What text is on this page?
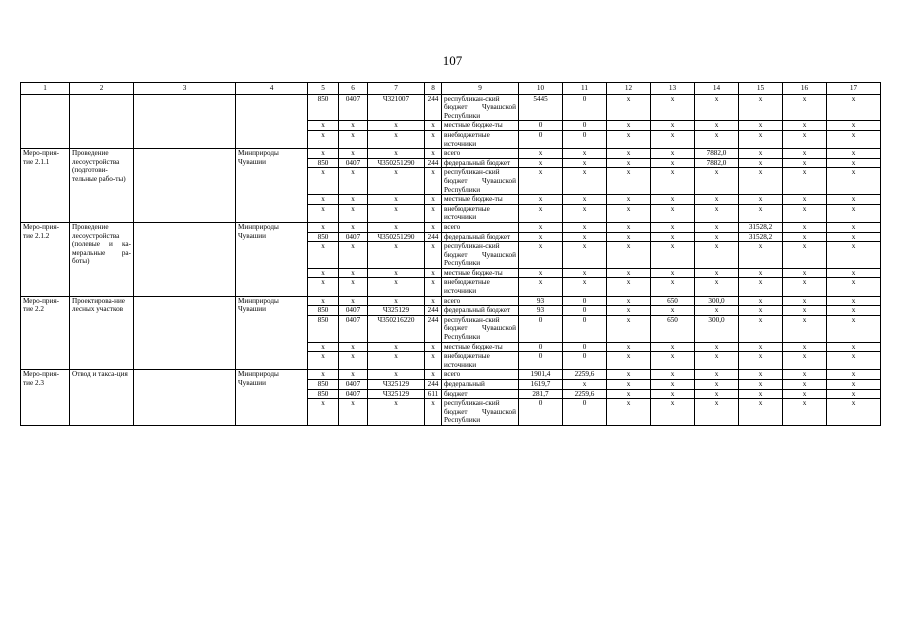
107
1	2	3	4	5	6	7	8	9	10	11	12	13	14	15	16	17
				850	0407	Ч321007	244	республикан-ский бюджет Чувашской Республики	5445	0	x	x	x	x	x	x
				x	x	x	x	местные бюдже-ты	0	0	x	x	x	x	x	x
				x	x	x	x	внебюджетные источники	0	0	x	x	x	x	x	x
Меро-прия-тие 2.1.1	Проведение лесоустройства (подготови-тельные рабо-ты)		Минприроды Чувашии	x	x	x	x	всего	x	x	x	x	7882,0	x	x	x
				850	0407	Ч350251290	244	федеральный бюджет	x	x	x	x	7882,0	x	x	x
				x	x	x	x	республикан-ский бюджет Чувашской Республики	x	x	x	x	x	x	x	x
				x	x	x	x	местные бюдже-ты	x	x	x	x	x	x	x	x
				x	x	x	x	внебюджетные источники	x	x	x	x	x	x	x	x
Меро-прия-тие 2.1.2	Проведение лесоустройства (полевые и ка-меральные ра-боты)		Минприроды Чувашии	x	x	x	x	всего	x	x	x	x	x	31528,2	x	x
				850	0407	Ч350251290	244	федеральный бюджет	x	x	x	x	x	31528,2	x	x
				x	x	x	x	республикан-ский бюджет Чувашской Республики	x	x	x	x	x	x	x	x
				x	x	x	x	местные бюдже-ты	x	x	x	x	x	x	x	x
				x	x	x	x	внебюджетные источники	x	x	x	x	x	x	x	x
Меро-прия-тие 2.2	Проектирова-ние лесных участков		Минприроды Чувашии	x	x	x	x	всего	93	0	x	650	300,0	x	x	x
				850	0407	Ч325129	244	федеральный бюджет	93	0	x	x	x	x	x	x
				850	0407	Ч350216220	244	республикан-ский бюджет Чувашской Республики	0	0	x	650	300,0	x	x	x
				x	x	x	x	местные бюдже-ты	0	0	x	x	x	x	x	x
				x	x	x	x	внебюджетные источники	0	0	x	x	x	x	x	x
Меро-прия-тие 2.3	Отвод и такса-ция		Минприроды Чувашии	x	x	x	x	всего	1901,4	2259,6	x	x	x	x	x	x
				850	0407	Ч325129	244	федеральный	1619,7	x	x	x	x	x	x	x
				850	0407	Ч325129	611	бюджет	281,7	2259,6	x	x	x	x	x	x
				x	x	x	x	республикан-ский бюджет Чувашской Республики	0	0	x	x	x	x	x	x
